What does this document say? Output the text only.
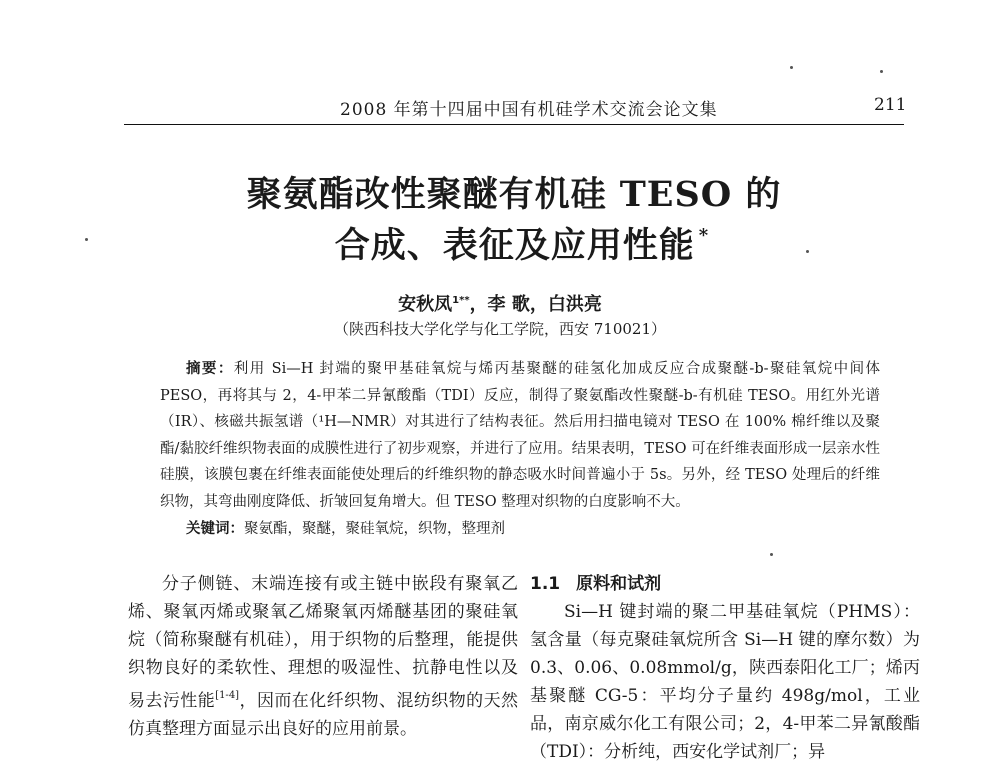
2008 年第十四届中国有机硅学术交流会论文集	211
聚氨酯改性聚醚有机硅 TESO 的
合成、表征及应用性能 *
安秋凤$^{1**}$，李 歌，白洪亮
（陕西科技大学化学与化工学院，西安 710021）
摘要：利用 Si—H 封端的聚甲基硅氧烷与烯丙基聚醚的硅氢化加成反应合成聚醚-b-聚硅氧烷中间体 PESO，再将其与 2，4-甲苯二异氰酸酯（TDI）反应，制得了聚氨酯改性聚醚-b-有机硅 TESO。用红外光谱（IR）、核磁共振氢谱（¹H—NMR）对其进行了结构表征。然后用扫描电镜对 TESO 在 100% 棉纤维以及聚酯/黏胶纤维织物表面的成膜性进行了初步观察，并进行了应用。结果表明，TESO 可在纤维表面形成一层亲水性硅膜，该膜包裹在纤维表面能使处理后的纤维织物的静态吸水时间普遍小于 5s。另外，经 TESO 处理后的纤维织物，其弯曲刚度降低、折皱回复角增大。但 TESO 整理对织物的白度影响不大。
关键词：聚氨酯，聚醚，聚硅氧烷，织物，整理剂
分子侧链、末端连接有或主链中嵌段有聚氧乙烯、聚氧丙烯或聚氧乙烯聚氧丙烯醚基团的聚硅氧烷（简称聚醚有机硅），用于织物的后整理，能提供织物良好的柔软性、理想的吸湿性、抗静电性以及易去污性能[1-4]，因而在化纤织物、混纺织物的天然仿真整理方面显示出良好的应用前景。
1.1 原料和试剂
Si—H 键封端的聚二甲基硅氧烷（PHMS）：氢含量（每克聚硅氧烷所含 Si—H 键的摩尔数）为 0.3、0.06、0.08mmol/g，陕西泰阳化工厂；烯丙基聚醚 CG-5：平均分子量约 498g/mol，工业品，南京威尔化工有限公司；2，4-甲苯二异氰酸酯（TDI）：分析纯，西安化学试剂厂；异
